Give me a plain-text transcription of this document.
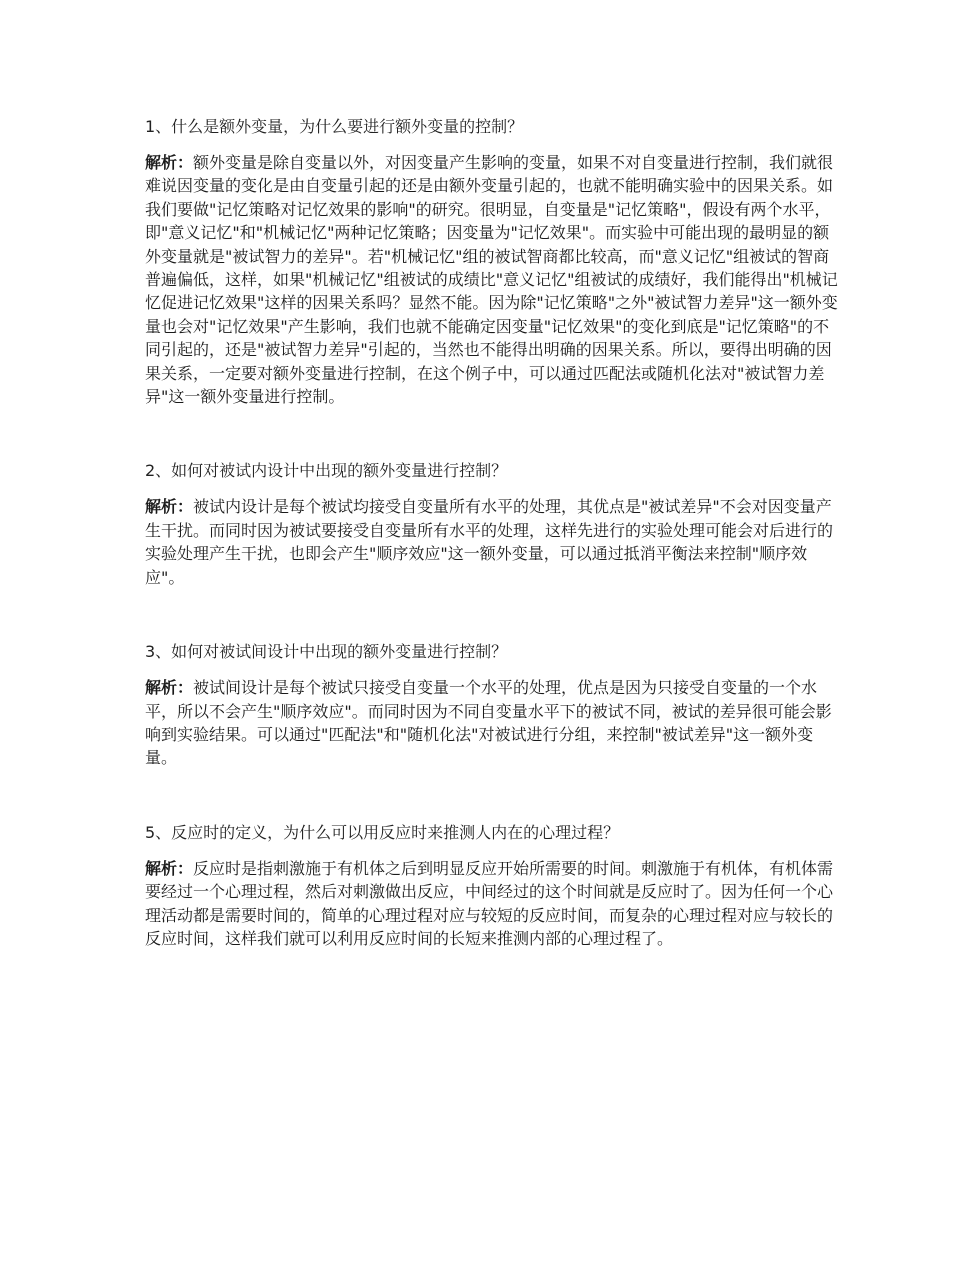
1、什么是额外变量，为什么要进行额外变量的控制？

解析：额外变量是除自变量以外，对因变量产生影响的变量，如果不对自变量进行控制，我们就很难说因变量的变化是由自变量引起的还是由额外变量引起的，也就不能明确实验中的因果关系。如我们要做"记忆策略对记忆效果的影响"的研究。很明显，自变量是"记忆策略"，假设有两个水平，即"意义记忆"和"机械记忆"两种记忆策略；因变量为"记忆效果"。而实验中可能出现的最明显的额外变量就是"被试智力的差异"。若"机械记忆"组的被试智商都比较高，而"意义记忆"组被试的智商普遍偏低，这样，如果"机械记忆"组被试的成绩比"意义记忆"组被试的成绩好，我们能得出"机械记忆促进记忆效果"这样的因果关系吗？显然不能。因为除"记忆策略"之外"被试智力差异"这一额外变量也会对"记忆效果"产生影响，我们也就不能确定因变量"记忆效果"的变化到底是"记忆策略"的不同引起的，还是"被试智力差异"引起的，当然也不能得出明确的因果关系。所以，要得出明确的因果关系，一定要对额外变量进行控制，在这个例子中，可以通过匹配法或随机化法对"被试智力差异"这一额外变量进行控制。

2、如何对被试内设计中出现的额外变量进行控制？

解析：被试内设计是每个被试均接受自变量所有水平的处理，其优点是"被试差异"不会对因变量产生干扰。而同时因为被试要接受自变量所有水平的处理，这样先进行的实验处理可能会对后进行的实验处理产生干扰，也即会产生"顺序效应"这一额外变量，可以通过抵消平衡法来控制"顺序效应"。

3、如何对被试间设计中出现的额外变量进行控制？

解析：被试间设计是每个被试只接受自变量一个水平的处理，优点是因为只接受自变量的一个水平，所以不会产生"顺序效应"。而同时因为不同自变量水平下的被试不同，被试的差异很可能会影响到实验结果。可以通过"匹配法"和"随机化法"对被试进行分组，来控制"被试差异"这一额外变量。

5、反应时的定义，为什么可以用反应时来推测人内在的心理过程？

解析：反应时是指刺激施于有机体之后到明显反应开始所需要的时间。刺激施于有机体，有机体需要经过一个心理过程，然后对刺激做出反应，中间经过的这个时间就是反应时了。因为任何一个心理活动都是需要时间的，简单的心理过程对应与较短的反应时间，而复杂的心理过程对应与较长的反应时间，这样我们就可以利用反应时间的长短来推测内部的心理过程了。
